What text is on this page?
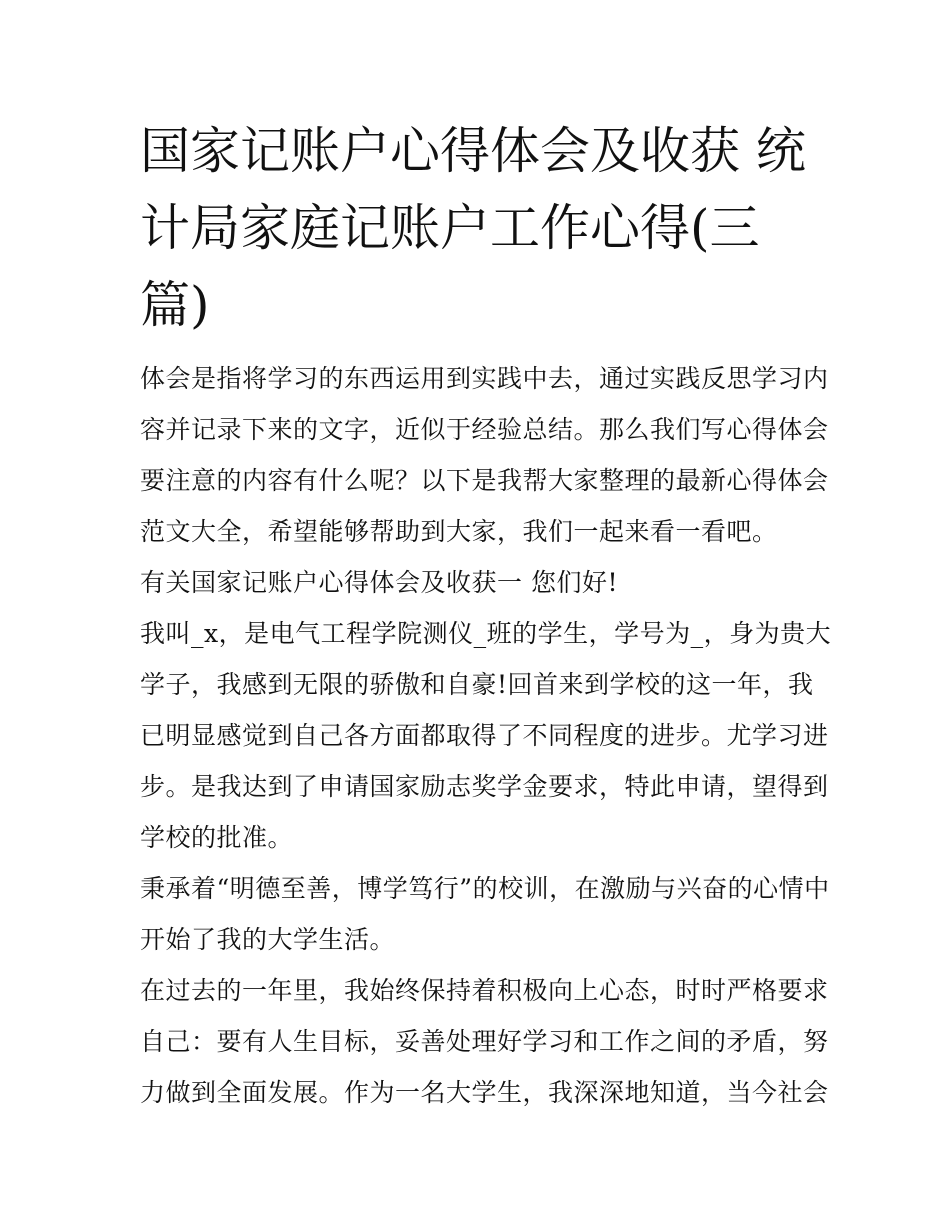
国家记账户心得体会及收获 统
计局家庭记账户工作心得(三
篇)
体会是指将学习的东西运用到实践中去，通过实践反思学习内
容并记录下来的文字，近似于经验总结。那么我们写心得体会
要注意的内容有什么呢？以下是我帮大家整理的最新心得体会
范文大全，希望能够帮助到大家，我们一起来看一看吧。
有关国家记账户心得体会及收获一 您们好!
我叫_x，是电气工程学院测仪_班的学生，学号为_，身为贵大
学子，我感到无限的骄傲和自豪!回首来到学校的这一年，我
已明显感觉到自己各方面都取得了不同程度的进步。尤学习进
步。是我达到了申请国家励志奖学金要求，特此申请，望得到
学校的批准。
秉承着“明德至善，博学笃行”的校训，在激励与兴奋的心情中
开始了我的大学生活。
在过去的一年里，我始终保持着积极向上心态，时时严格要求
自己：要有人生目标，妥善处理好学习和工作之间的矛盾，努
力做到全面发展。作为一名大学生，我深深地知道，当今社会
